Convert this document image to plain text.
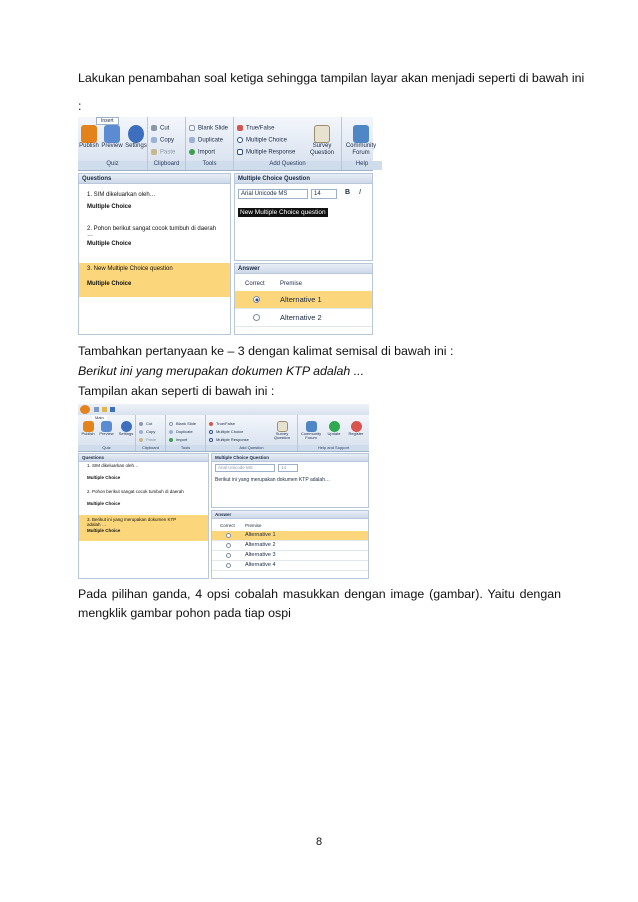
Lakukan penambahan soal ketiga sehingga tampilan layar akan menjadi seperti di bawah ini
:
Insert
Publish Preview Settings
Quiz
Cut
Copy
Paste
Clipboard
Blank Slide
Duplicate
Import
Tools
True/False
Multiple Choice
Multiple Response
Survey Question
Add Question
Community Forum
Help
Questions
1. SIM dikeluarkan oleh…
Multiple Choice
2. Pohon berikut sangat cocok tumbuh di daerah
…
Multiple Choice
3. New Multiple Choice question
Multiple Choice
Multiple Choice Question
Arial Unicode MS	14	B I
New Multiple Choice question
Answer
Correct	Premise
Alternative 1
Alternative 2
Tambahkan pertanyaan ke – 3 dengan kalimat semisal di bawah ini :
Berikut ini yang merupakan dokumen KTP adalah ...
Tampilan akan seperti di bawah ini :
Main
Publish	Preview	Settings
Quiz
Cut
Copy
Paste
Clipboard
Blank Slide
Duplicate
Import
Tools
True/False
Multiple Choice
Multiple Response
Survey Question
Add Question
Community Forum
Update	Register
Help and Support
Questions
1. SIM dikeluarkan oleh…
Multiple Choice
2. Pohon berikut sangat cocok tumbuh di daerah
Multiple Choice
3. Berikut ini yang merupakan dokumen KTP
adalah …
Multiple Choice
Multiple Choice Question
Arial Unicode MS	14
Berikut ini yang merupakan dokumen KTP adalah…
Answer
Correct Premise
Alternative 1
Alternative 2
Alternative 3
Alternative 4
Pada pilihan ganda, 4 opsi cobalah masukkan dengan image (gambar). Yaitu dengan
mengklik gambar pohon pada tiap ospi
8
